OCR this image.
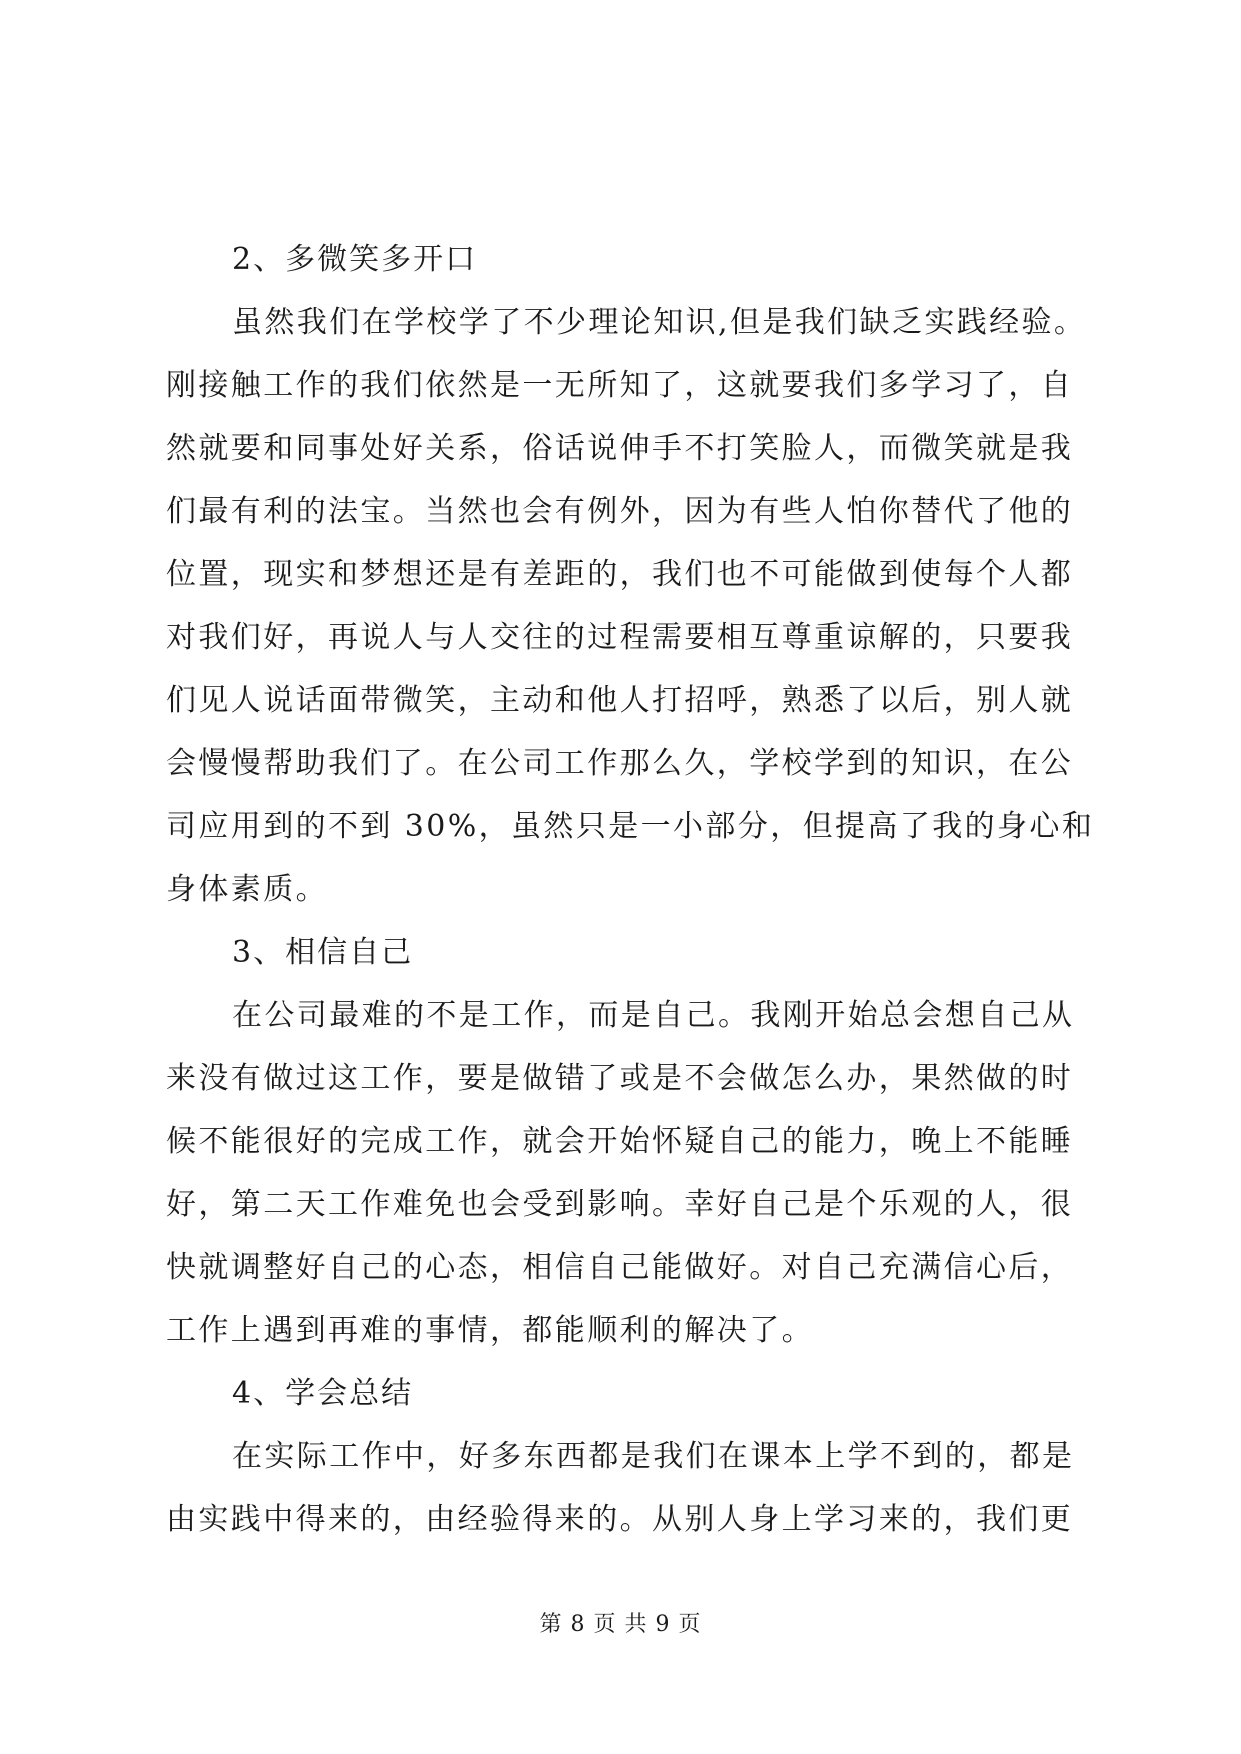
2、多微笑多开口
虽然我们在学校学了不少理论知识,但是我们缺乏实践经验。
刚接触工作的我们依然是一无所知了，这就要我们多学习了，自
然就要和同事处好关系，俗话说伸手不打笑脸人，而微笑就是我
们最有利的法宝。当然也会有例外，因为有些人怕你替代了他的
位置，现实和梦想还是有差距的，我们也不可能做到使每个人都
对我们好，再说人与人交往的过程需要相互尊重谅解的，只要我
们见人说话面带微笑，主动和他人打招呼，熟悉了以后，别人就
会慢慢帮助我们了。在公司工作那么久，学校学到的知识，在公
司应用到的不到 30%，虽然只是一小部分，但提高了我的身心和
身体素质。
3、相信自己
在公司最难的不是工作，而是自己。我刚开始总会想自己从
来没有做过这工作，要是做错了或是不会做怎么办，果然做的时
候不能很好的完成工作，就会开始怀疑自己的能力，晚上不能睡
好，第二天工作难免也会受到影响。幸好自己是个乐观的人，很
快就调整好自己的心态，相信自己能做好。对自己充满信心后，
工作上遇到再难的事情，都能顺利的解决了。
4、学会总结
在实际工作中，好多东西都是我们在课本上学不到的，都是
由实践中得来的，由经验得来的。从别人身上学习来的，我们更
第 8 页 共 9 页
